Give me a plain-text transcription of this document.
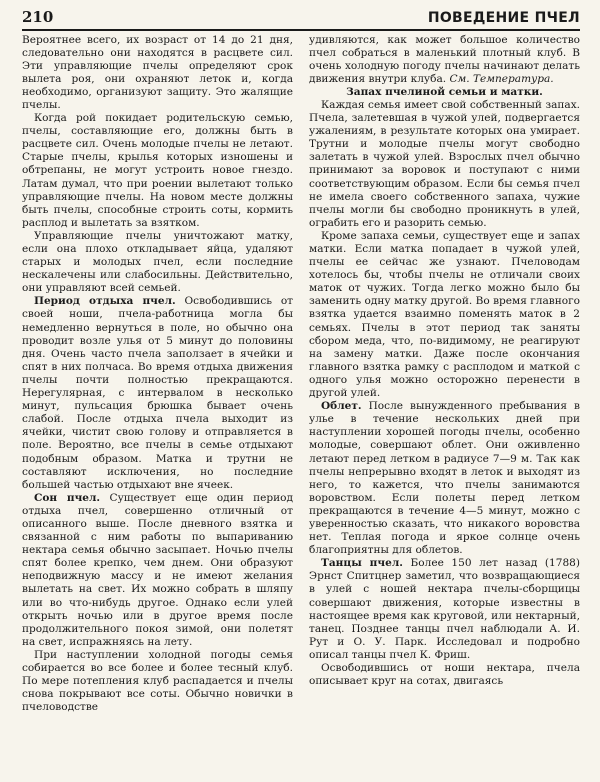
210	ПОВЕДЕНИЕ ПЧЕЛ

Вероятнее всего, их возраст от 14 до 21 дня, следовательно они находятся в расцвете сил. Эти управляющие пчелы определяют срок вылета роя, они охраняют леток и, когда необходимо, организуют защиту. Это жалящие пчелы.

Когда рой покидает родительскую семью, пчелы, составляющие его, должны быть в расцвете сил. Очень молодые пчелы не летают. Старые пчелы, крылья которых изношены и обтрепаны, не могут устроить новое гнездо. Латам думал, что при роении вылетают только управляющие пчелы. На новом месте должны быть пчелы, способные строить соты, кормить расплод и вылетать за взятком.

Управляющие пчелы уничтожают матку, если она плохо откладывает яйца, удаляют старых и молодых пчел, если последние нескалечены или слабосильны. Действительно, они управляют всей семьей.

Период отдыха пчел. Освободившись от своей ноши, пчела-работница могла бы немедленно вернуться в поле, но обычно она проводит возле улья от 5 минут до половины дня. Очень часто пчела заползает в ячейки и спят в них полчаса. Во время отдыха движения пчелы почти полностью прекращаются. Нерегулярная, с интервалом в несколько минут, пульсация брюшка бывает очень слабой. После отдыха пчела выходит из ячейки, чистит свою голову и отправляется в поле. Вероятно, все пчелы в семье отдыхают подобным образом. Матка и трутни не составляют исключения, но последние большей частью отдыхают вне ячеек.

Сон пчел. Существует еще один период отдыха пчел, совершенно отличный от описанного выше. После дневного взятка и связанной с ним работы по выпариванию нектара семья обычно засыпает. Ночью пчелы спят более крепко, чем днем. Они образуют неподвижную массу и не имеют желания вылетать на свет. Их можно собрать в шляпу или во что-нибудь другое. Однако если улей открыть ночью или в другое время после продолжительного покоя зимой, они полетят на свет, испражняясь на лету.

При наступлении холодной погоды семья собирается во все более и более тесный клуб. По мере потепления клуб распадается и пчелы снова покрывают все соты. Обычно новички в пчеловодстве

удивляются, как может большое количество пчел собраться в маленький плотный клуб. В очень холодную погоду пчелы начинают делать движения внутри клуба. См. Температура.

Запах пчелиной семьи и матки.

Каждая семья имеет свой собственный запах. Пчела, залетевшая в чужой улей, подвергается ужалениям, в результате которых она умирает. Трутни и молодые пчелы могут свободно залетать в чужой улей. Взрослых пчел обычно принимают за воровок и поступают с ними соответствующим образом. Если бы семья пчел не имела своего собственного запаха, чужие пчелы могли бы свободно проникнуть в улей, ограбить его и разорить семью.

Кроме запаха семьи, существует еще и запах матки. Если матка попадает в чужой улей, пчелы ее сейчас же узнают. Пчеловодам хотелось бы, чтобы пчелы не отличали своих маток от чужих. Тогда легко можно было бы заменить одну матку другой. Во время главного взятка удается взаимно поменять маток в 2 семьях. Пчелы в этот период так заняты сбором меда, что, по-видимому, не реагируют на замену матки. Даже после окончания главного взятка рамку с расплодом и маткой с одного улья можно осторожно перенести в другой улей.

Облет. После вынужденного пребывания в улье в течение нескольких дней при наступлении хорошей погоды пчелы, особенно молодые, совершают облет. Они оживленно летают перед летком в радиусе 7—9 м. Так как пчелы непрерывно входят в леток и выходят из него, то кажется, что пчелы занимаются воровством. Если полеты перед летком прекращаются в течение 4—5 минут, можно с уверенностью сказать, что никакого воровства нет. Теплая погода и яркое солнце очень благоприятны для облетов.

Танцы пчел. Более 150 лет назад (1788) Эрнст Спитцнер заметил, что возвращающиеся в улей с ношей нектара пчелы-сборщицы совершают движения, которые известны в настоящее время как круговой, или нектарный, танец. Позднее танцы пчел наблюдали А. И. Рут и О. У. Парк. Исследовал и подробно описал танцы пчел К. Фриш.

Освободившись от ноши нектара, пчела описывает круг на сотах, двигаясь
